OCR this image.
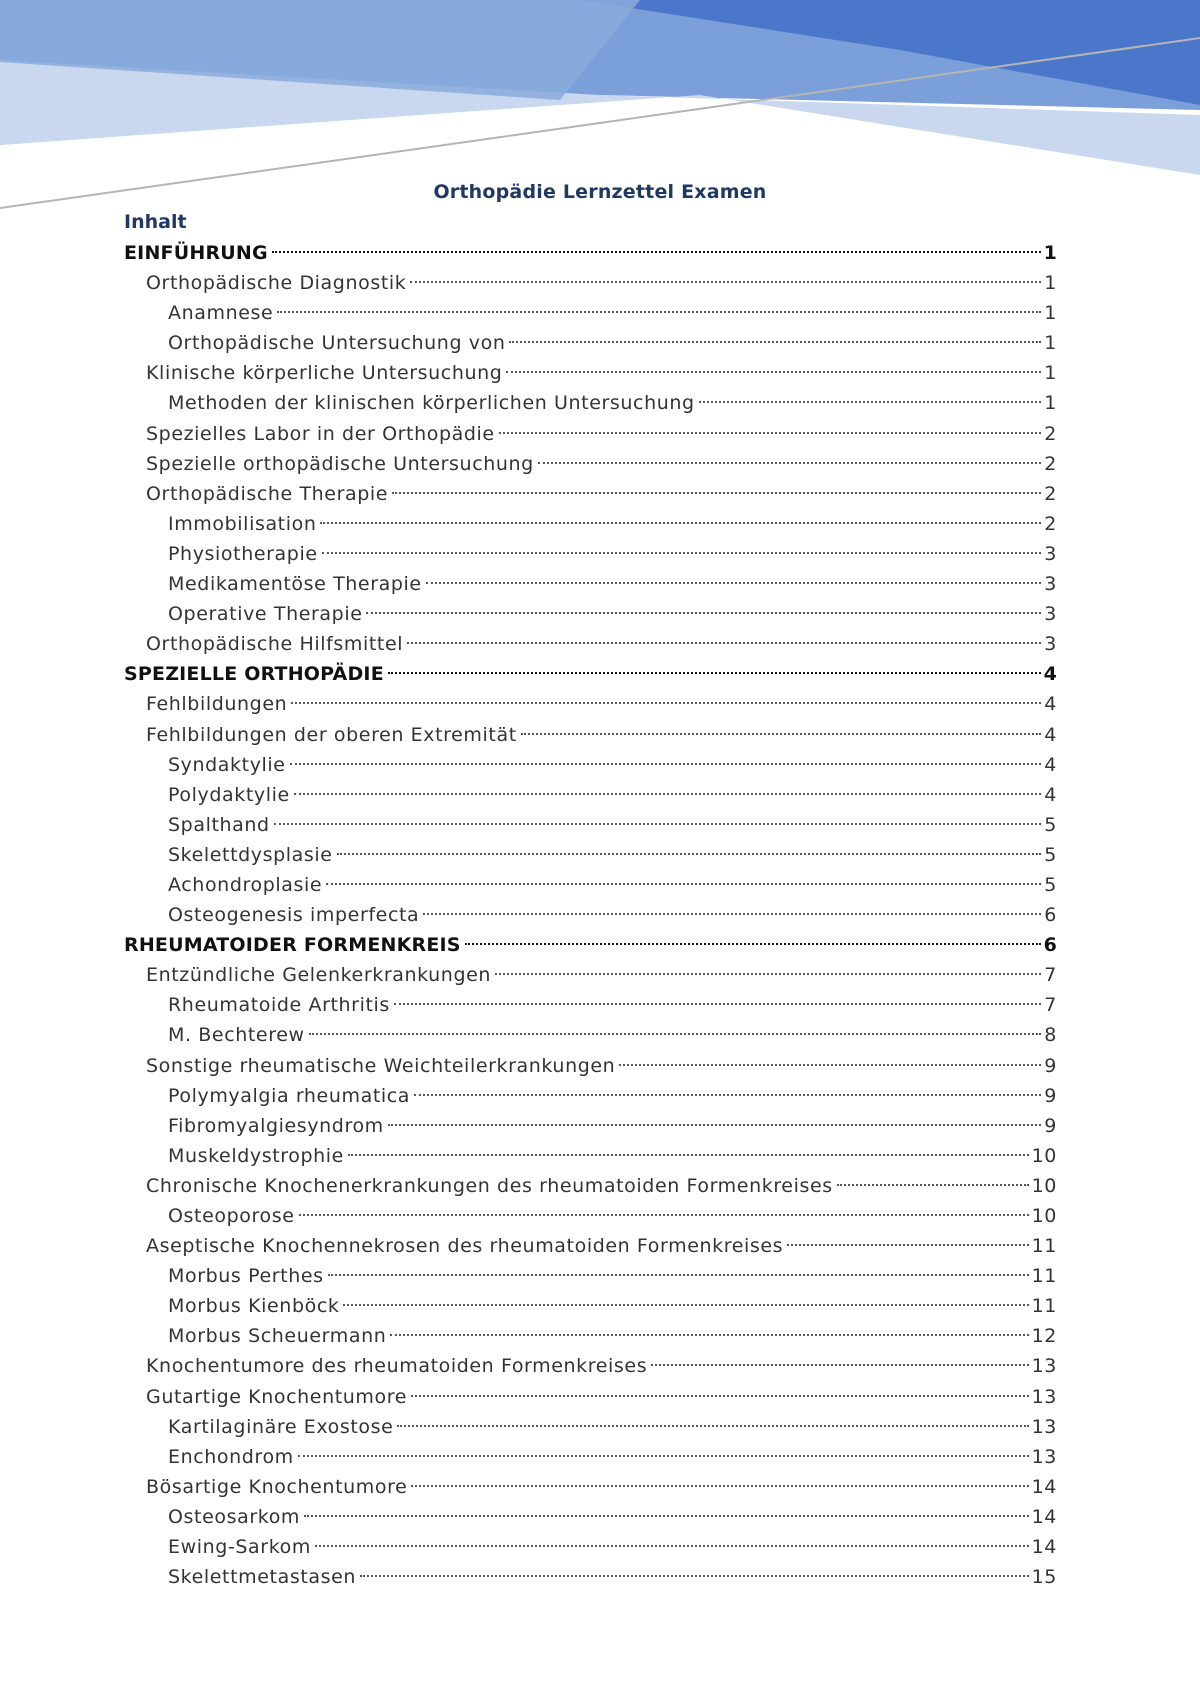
Orthopädie Lernzettel Examen
Inhalt
EINFÜHRUNG	1
Orthopädische Diagnostik	1
Anamnese	1
Orthopädische Untersuchung von	1
Klinische körperliche Untersuchung	1
Methoden der klinischen körperlichen Untersuchung	1
Spezielles Labor in der Orthopädie	2
Spezielle orthopädische Untersuchung	2
Orthopädische Therapie	2
Immobilisation	2
Physiotherapie	3
Medikamentöse Therapie	3
Operative Therapie	3
Orthopädische Hilfsmittel	3
SPEZIELLE ORTHOPÄDIE	4
Fehlbildungen	4
Fehlbildungen der oberen Extremität	4
Syndaktylie	4
Polydaktylie	4
Spalthand	5
Skelettdysplasie	5
Achondroplasie	5
Osteogenesis imperfecta	6
RHEUMATOIDER FORMENKREIS	6
Entzündliche Gelenkerkrankungen	7
Rheumatoide Arthritis	7
M. Bechterew	8
Sonstige rheumatische Weichteilerkrankungen	9
Polymyalgia rheumatica	9
Fibromyalgiesyndrom	9
Muskeldystrophie	10
Chronische Knochenerkrankungen des rheumatoiden Formenkreises	10
Osteoporose	10
Aseptische Knochennekrosen des rheumatoiden Formenkreises	11
Morbus Perthes	11
Morbus Kienböck	11
Morbus Scheuermann	12
Knochentumore des rheumatoiden Formenkreises	13
Gutartige Knochentumore	13
Kartilaginäre Exostose	13
Enchondrom	13
Bösartige Knochentumore	14
Osteosarkom	14
Ewing-Sarkom	14
Skelettmetastasen	15
